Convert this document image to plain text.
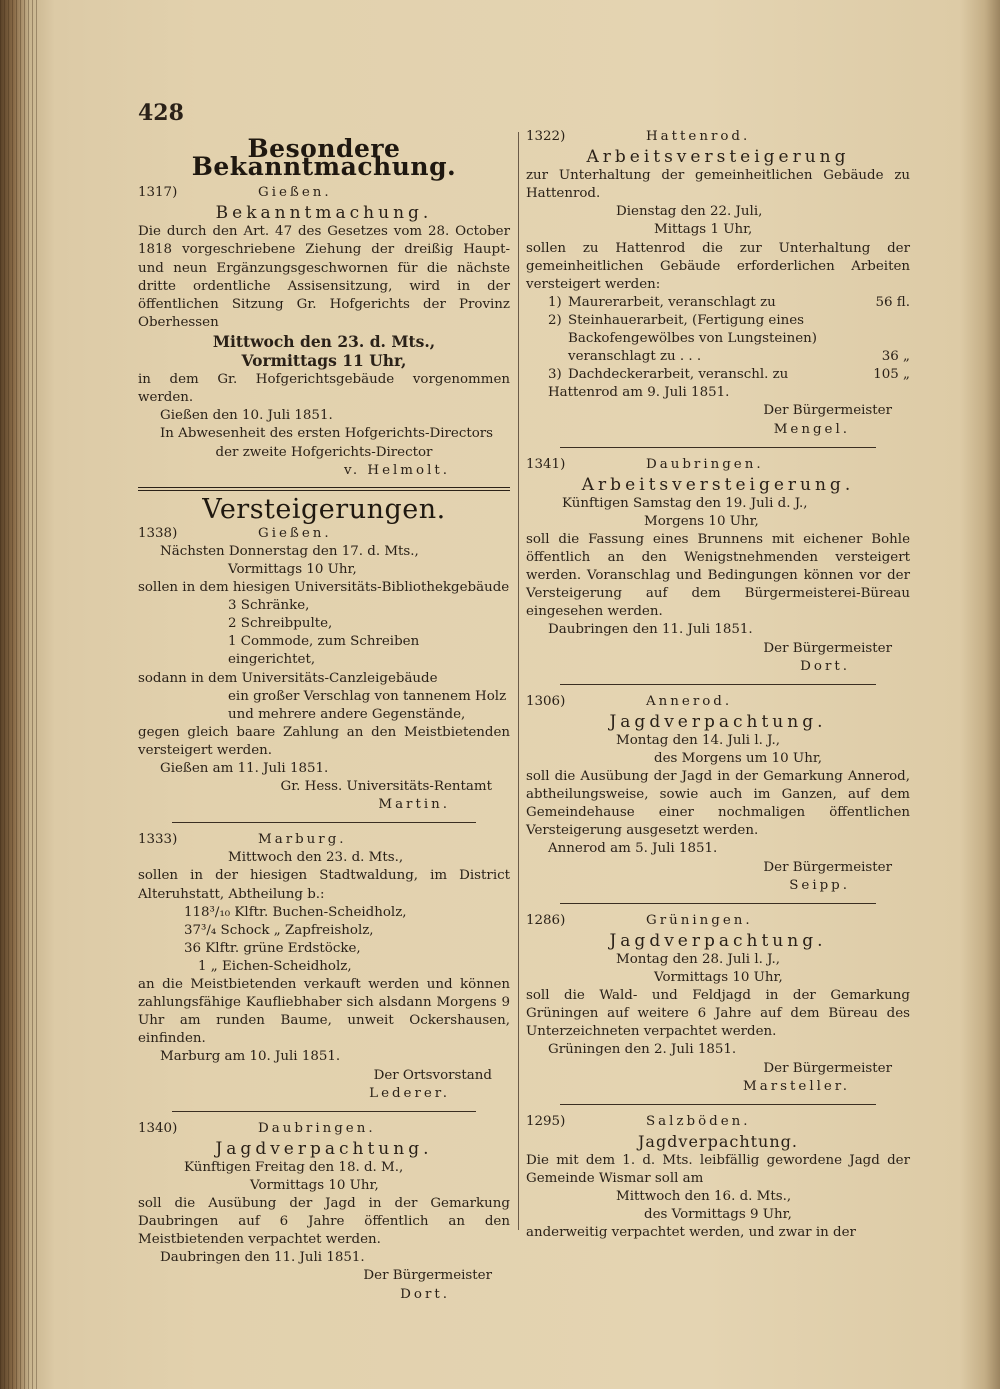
428
Besondere Bekanntmachung.
1317)	Gießen.
Bekanntmachung.

Die durch den Art. 47 des Gesetzes vom 28. October 1818 vorgeschriebene Ziehung der dreißig Haupt- und neun Ergänzungsgeschwornen für die nächste dritte ordentliche Assisensitzung, wird in der öffentlichen Sitzung Gr. Hofgerichts der Provinz Oberhessen

Mittwoch den 23. d. Mts.,

Vormittags 11 Uhr,

in dem Gr. Hofgerichtsgebäude vorgenommen werden.

Gießen den 10. Juli 1851.

In Abwesenheit des ersten Hofgerichts-Directors

der zweite Hofgerichts-Director

v. Helmolt.

Versteigerungen.
1338)	Gießen.

Nächsten Donnerstag den 17. d. Mts.,

Vormittags 10 Uhr,

sollen in dem hiesigen Universitäts-Bibliothekgebäude

3 Schränke,

2 Schreibpulte,

1 Commode, zum Schreiben eingerichtet,

sodann in dem Universitäts-Canzleigebäude

ein großer Verschlag von tannenem Holz

und mehrere andere Gegenstände,

gegen gleich baare Zahlung an den Meistbietenden versteigert werden.

Gießen am 11. Juli 1851.

Gr. Hess. Universitäts-Rentamt

Martin.

1333)	Marburg.

Mittwoch den 23. d. Mts.,

sollen in der hiesigen Stadtwaldung, im District Alteruhstatt, Abtheilung b.:

118³/₁₀ Klftr. Buchen-Scheidholz,

37³/₄ Schock „ Zapfreisholz,

36 Klftr. grüne Erdstöcke,

1 „ Eichen-Scheidholz,

an die Meistbietenden verkauft werden und können zahlungsfähige Kaufliebhaber sich alsdann Morgens 9 Uhr am runden Baume, unweit Ockershausen, einfinden.

Marburg am 10. Juli 1851.

Der Ortsvorstand

Lederer.

1340)	Daubringen.
Jagdverpachtung.

Künftigen Freitag den 18. d. M.,

Vormittags 10 Uhr,

soll die Ausübung der Jagd in der Gemarkung Daubringen auf 6 Jahre öffentlich an den Meistbietenden verpachtet werden.

Daubringen den 11. Juli 1851.

Der Bürgermeister

Dort.

1322)	Hattenrod.
Arbeitsversteigerung

zur Unterhaltung der gemeinheitlichen Gebäude zu Hattenrod.

Dienstag den 22. Juli,

Mittags 1 Uhr,

sollen zu Hattenrod die zur Unterhaltung der gemeinheitlichen Gebäude erforderlichen Arbeiten versteigert werden:

1) Maurerarbeit, veranschlagt zu	56 fl.
2) Steinhauerarbeit, (Fertigung eines Backofengewölbes von Lungsteinen) veranschlagt zu . . .	36 „
3) Dachdeckerarbeit, veranschl. zu	105 „

Hattenrod am 9. Juli 1851.

Der Bürgermeister

Mengel.

1341)	Daubringen.
Arbeitsversteigerung.

Künftigen Samstag den 19. Juli d. J.,

Morgens 10 Uhr,

soll die Fassung eines Brunnens mit eichener Bohle öffentlich an den Wenigstnehmenden versteigert werden. Voranschlag und Bedingungen können vor der Versteigerung auf dem Bürgermeisterei-Büreau eingesehen werden.

Daubringen den 11. Juli 1851.

Der Bürgermeister

Dort.

1306)	Annerod.
Jagdverpachtung.

Montag den 14. Juli l. J.,

des Morgens um 10 Uhr,

soll die Ausübung der Jagd in der Gemarkung Annerod, abtheilungsweise, sowie auch im Ganzen, auf dem Gemeindehause einer nochmaligen öffentlichen Versteigerung ausgesetzt werden.

Annerod am 5. Juli 1851.

Der Bürgermeister

Seipp.

1286)	Grüningen.
Jagdverpachtung.

Montag den 28. Juli l. J.,

Vormittags 10 Uhr,

soll die Wald- und Feldjagd in der Gemarkung Grüningen auf weitere 6 Jahre auf dem Büreau des Unterzeichneten verpachtet werden.

Grüningen den 2. Juli 1851.

Der Bürgermeister

Marsteller.

1295)	Salzböden.
Jagdverpachtung.

Die mit dem 1. d. Mts. leibfällig gewordene Jagd der Gemeinde Wismar soll am

Mittwoch den 16. d. Mts.,

des Vormittags 9 Uhr,

anderweitig verpachtet werden, und zwar in der
